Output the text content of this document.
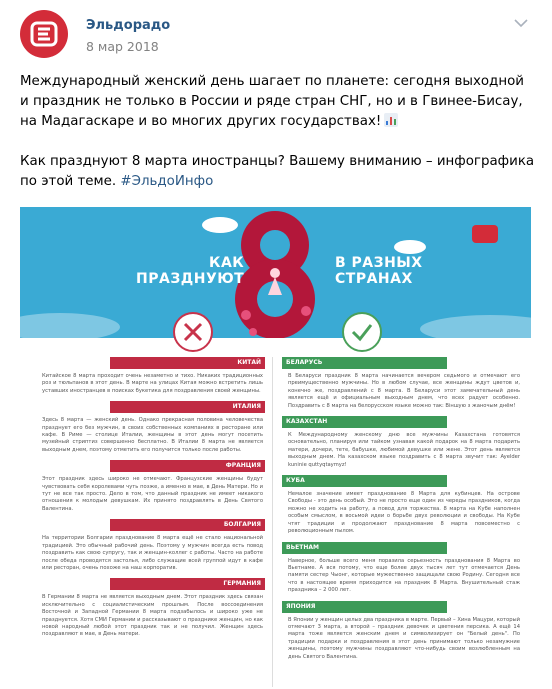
Эльдорадо
8 мар 2018

Международный женский день шагает по планете: сегодня выходной и праздник не только в России и ряде стран СНГ, но и в Гвинее-Бисау, на Мадагаскаре и во многих других государствах!

Как празднуют 8 марта иностранцы? Вашему вниманию – инфографика по этой теме. #ЭльдоИнфо

КАК
ПРАЗДНУЮТ
В РАЗНЫХ
СТРАНАХ
КИТАЙ
Китайское 8 марта проходит очень незаметно и тихо. Никаких традиционных роз и тюльпанов в этот день. В марте на улицах Китая можно встретить лишь уставших иностранцев в поисках букетика для поздравления своей женщины.
ИТАЛИЯ
Здесь 8 марта — женский день. Однако прекрасная половина человечества празднует его без мужчин, в своих собственных компаниях в ресторане или кафе. В Риме — столице Италии, женщины в этот день могут посетить музейный стриптиз совершенно бесплатно. В Италии 8 марта не является выходным днем, поэтому отметить его получится только после работы.
ФРАНЦИЯ
Этот праздник здесь широко не отмечают. Французские женщины будут чувствовать себя королевами чуть позже, а именно в мае, в День Матери. Но и тут не все так просто. Дело в том, что данный праздник не имеет никакого отношения к молодым девушкам. Их принято поздравлять в День Святого Валентина.
БОЛГАРИЯ
На территории Болгарии празднование 8 марта ещё не стало национальной традицией. Это обычный рабочий день. Поэтому у мужчин всегда есть повод поздравить как свою супругу, так и женщин-коллег с работы. Часто на работе после обеда проводятся застолья, либо служащие всей группой идут в кафе или ресторан, очень похоже на наш корпоратив.
ГЕРМАНИЯ
В Германии 8 марта не является выходным днем. Этот праздник здесь связан исключительно с социалистическим прошлым. После воссоединения Восточной и Западной Германии 8 марта подзабылось и широко уже не празднуется. Хотя СМИ Германии и рассказывают о празднике женщин, но как новой народный любой этот праздник так и не получил. Женщин здесь поздравляют в мае, в День матери.
БЕЛАРУСЬ
В Беларуси праздник 8 марта начинается вечером седьмого и отмечают его преимущественно мужчины. Но в любом случае, все женщины ждут цветов и, конечно же, поздравлений с 8 марта. В Беларуси этот замечательный день является ещё и официальным выходным днем, что всех радует особенно. Поздравить с 8 марта на белорусском языке можно так: Вiншую з жаночым днём!
КАЗАХСТАН
К Международному женскому дню все мужчины Казахстана готовятся основательно, планируя или тайком узнавая какой подарок на 8 марта подарить матери, дочери, тете, бабушке, любимой девушке или жене. Этот день является выходным днем. На казахском языке поздравить с 8 марта звучит так: Ayelder kuninie quttyqtaymyz!
КУБА
Немалое значение имеет празднование 8 Марта для кубинцев. На острове Свободы - это день особый. Это не просто еще один из череды праздников, когда можно не ходить на работу, а повод для торжества. 8 марта на Кубе наполнен особым смыслом, в восьмой идеи о борьбе двух революции и свободы. На Кубе чтят традиции и продолжают празднование 8 марта повсеместно с революционным пылом.
ВЬЕТНАМ
Наверное, больше всего меня поразила серьезность празднования 8 Марта во Вьетнаме. А вся потому, что еще более двух тысяч лет тут отмечается День памяти сестер Чыонг, которые мужественно защищали свою Родину. Сегодня все что в настоящее время приходится на праздник 8 Марта. Внушительный стаж праздника – 2 000 лет.
ЯПОНИЯ
В Японии у женщин целых два праздника в марте. Первый – Хина Мацури, который отмечают 3 марта, а второй – праздник девочек и цветения персика. А ещё 14 марта тоже является женским днем и символизирует он "Белый день". По традиции подарки и поздравления в этот день принимают только незамужние женщины, поэтому мужчины поздравляют что-нибудь своим возлюбленным на день Святого Валентина.
